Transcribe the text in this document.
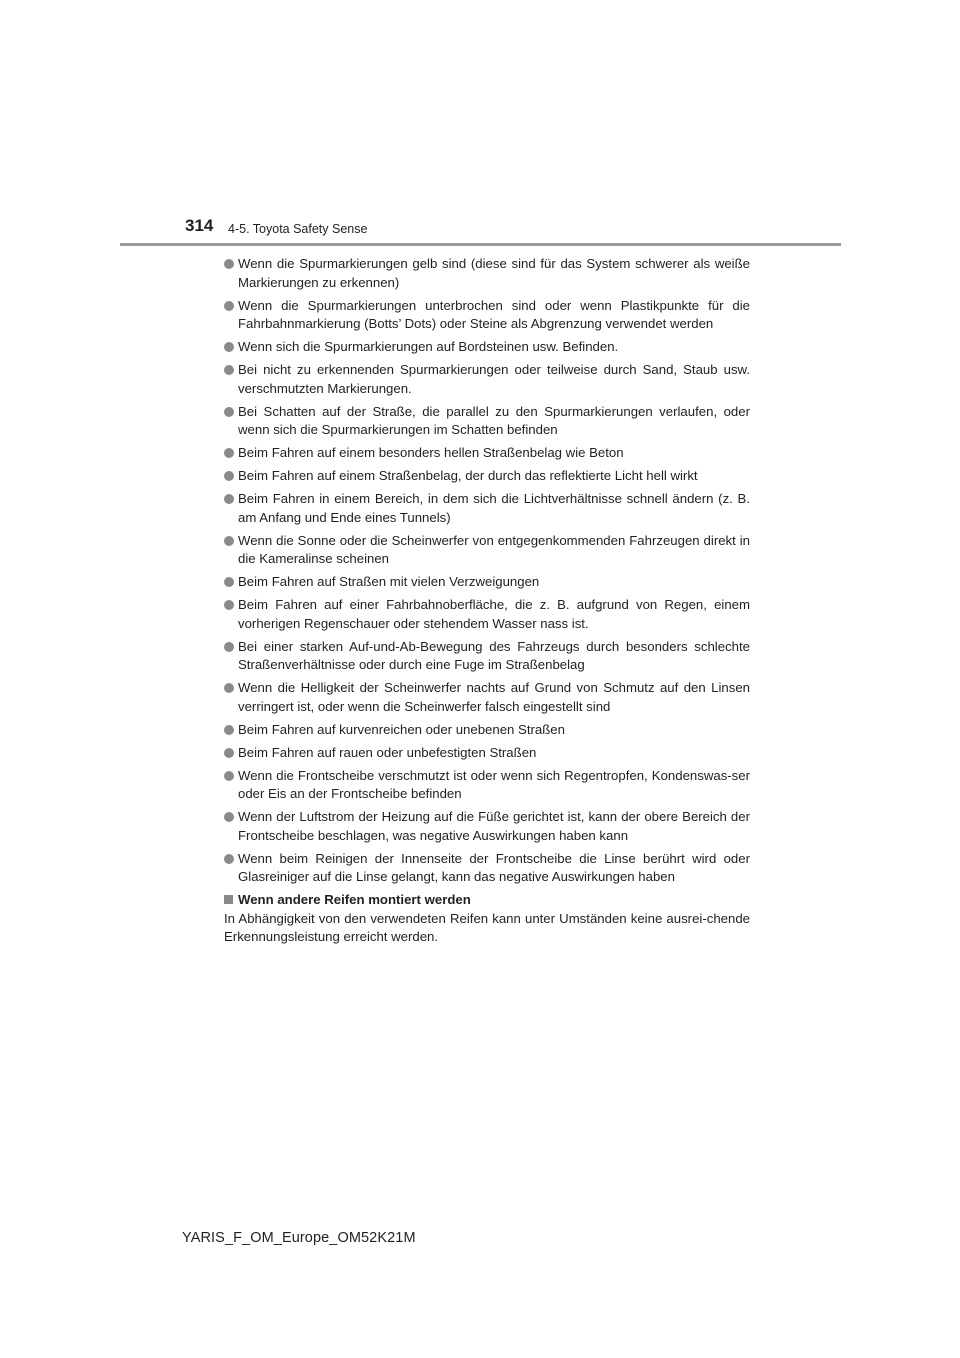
314 4-5. Toyota Safety Sense
Wenn die Spurmarkierungen gelb sind (diese sind für das System schwerer als weiße Markierungen zu erkennen)
Wenn die Spurmarkierungen unterbrochen sind oder wenn Plastikpunkte für die Fahrbahnmarkierung (Botts’ Dots) oder Steine als Abgrenzung verwendet werden
Wenn sich die Spurmarkierungen auf Bordsteinen usw. Befinden.
Bei nicht zu erkennenden Spurmarkierungen oder teilweise durch Sand, Staub usw. verschmutzten Markierungen.
Bei Schatten auf der Straße, die parallel zu den Spurmarkierungen verlaufen, oder wenn sich die Spurmarkierungen im Schatten befinden
Beim Fahren auf einem besonders hellen Straßenbelag wie Beton
Beim Fahren auf einem Straßenbelag, der durch das reflektierte Licht hell wirkt
Beim Fahren in einem Bereich, in dem sich die Lichtverhältnisse schnell ändern (z. B. am Anfang und Ende eines Tunnels)
Wenn die Sonne oder die Scheinwerfer von entgegenkommenden Fahrzeugen direkt in die Kameralinse scheinen
Beim Fahren auf Straßen mit vielen Verzweigungen
Beim Fahren auf einer Fahrbahnoberfläche, die z. B. aufgrund von Regen, einem vorherigen Regenschauer oder stehendem Wasser nass ist.
Bei einer starken Auf-und-Ab-Bewegung des Fahrzeugs durch besonders schlechte Straßenverhältnisse oder durch eine Fuge im Straßenbelag
Wenn die Helligkeit der Scheinwerfer nachts auf Grund von Schmutz auf den Linsen verringert ist, oder wenn die Scheinwerfer falsch eingestellt sind
Beim Fahren auf kurvenreichen oder unebenen Straßen
Beim Fahren auf rauen oder unbefestigten Straßen
Wenn die Frontscheibe verschmutzt ist oder wenn sich Regentropfen, Kondenswas-ser oder Eis an der Frontscheibe befinden
Wenn der Luftstrom der Heizung auf die Füße gerichtet ist, kann der obere Bereich der Frontscheibe beschlagen, was negative Auswirkungen haben kann
Wenn beim Reinigen der Innenseite der Frontscheibe die Linse berührt wird oder Glasreiniger auf die Linse gelangt, kann das negative Auswirkungen haben
Wenn andere Reifen montiert werden
In Abhängigkeit von den verwendeten Reifen kann unter Umständen keine ausrei-chende Erkennungsleistung erreicht werden.
YARIS_F_OM_Europe_OM52K21M
